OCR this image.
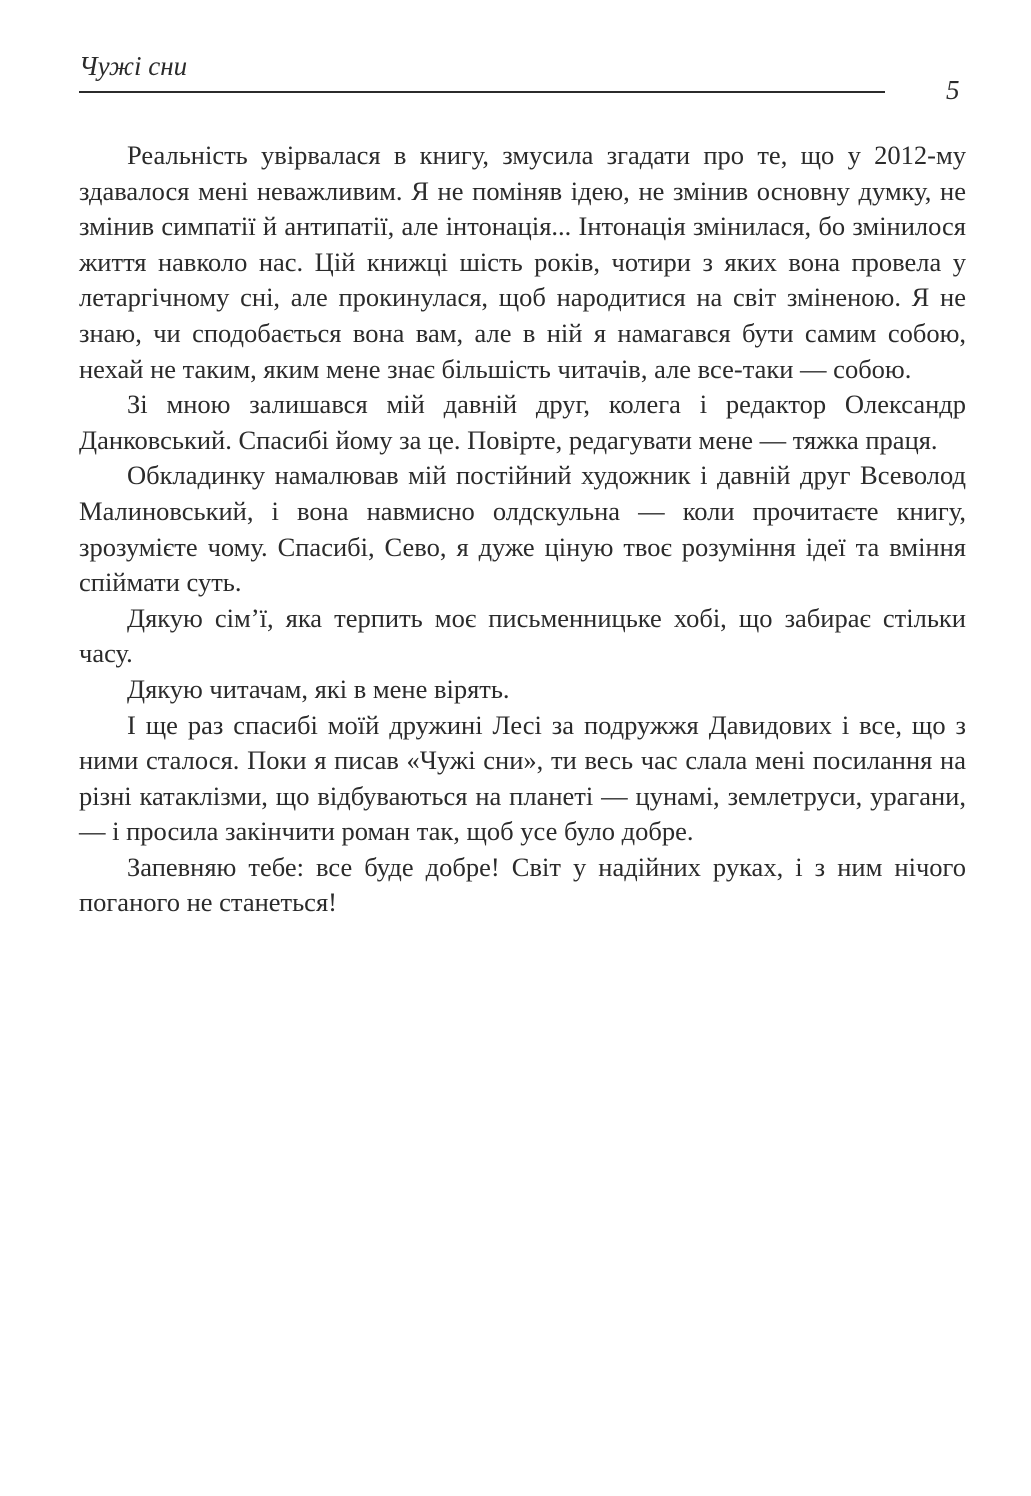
Чужі сни
5

Реальність увірвалася в книгу, змусила згадати про те, що у 2012-му здавалося мені неважливим. Я не поміняв ідею, не змінив основну думку, не змінив симпатії й антипатії, але інтонація... Інтонація змінилася, бо змінилося життя навколо нас. Цій книжці шість років, чотири з яких вона провела у летаргічному сні, але прокинулася, щоб народитися на світ зміненою. Я не знаю, чи сподобається вона вам, але в ній я намагався бути самим собою, нехай не таким, яким мене знає більшість читачів, але все-таки — собою.

Зі мною залишався мій давній друг, колега і редактор Олександр Данковський. Спасибі йому за це. Повірте, редагувати мене — тяжка праця.

Обкладинку намалював мій постійний художник і давній друг Всеволод Малиновський, і вона навмисно олдскульна — коли прочитаєте книгу, зрозумієте чому. Спасибі, Сево, я дуже ціную твоє розуміння ідеї та вміння спіймати суть.

Дякую сім’ї, яка терпить моє письменницьке хобі, що забирає стільки часу.

Дякую читачам, які в мене вірять.

І ще раз спасибі моїй дружині Лесі за подружжя Давидових і все, що з ними сталося. Поки я писав «Чужі сни», ти весь час слала мені посилання на різні катаклізми, що відбуваються на планеті — цунамі, землетруси, урагани, — і просила закінчити роман так, щоб усе було добре.

Запевняю тебе: все буде добре! Світ у надійних руках, і з ним нічого поганого не станеться!
